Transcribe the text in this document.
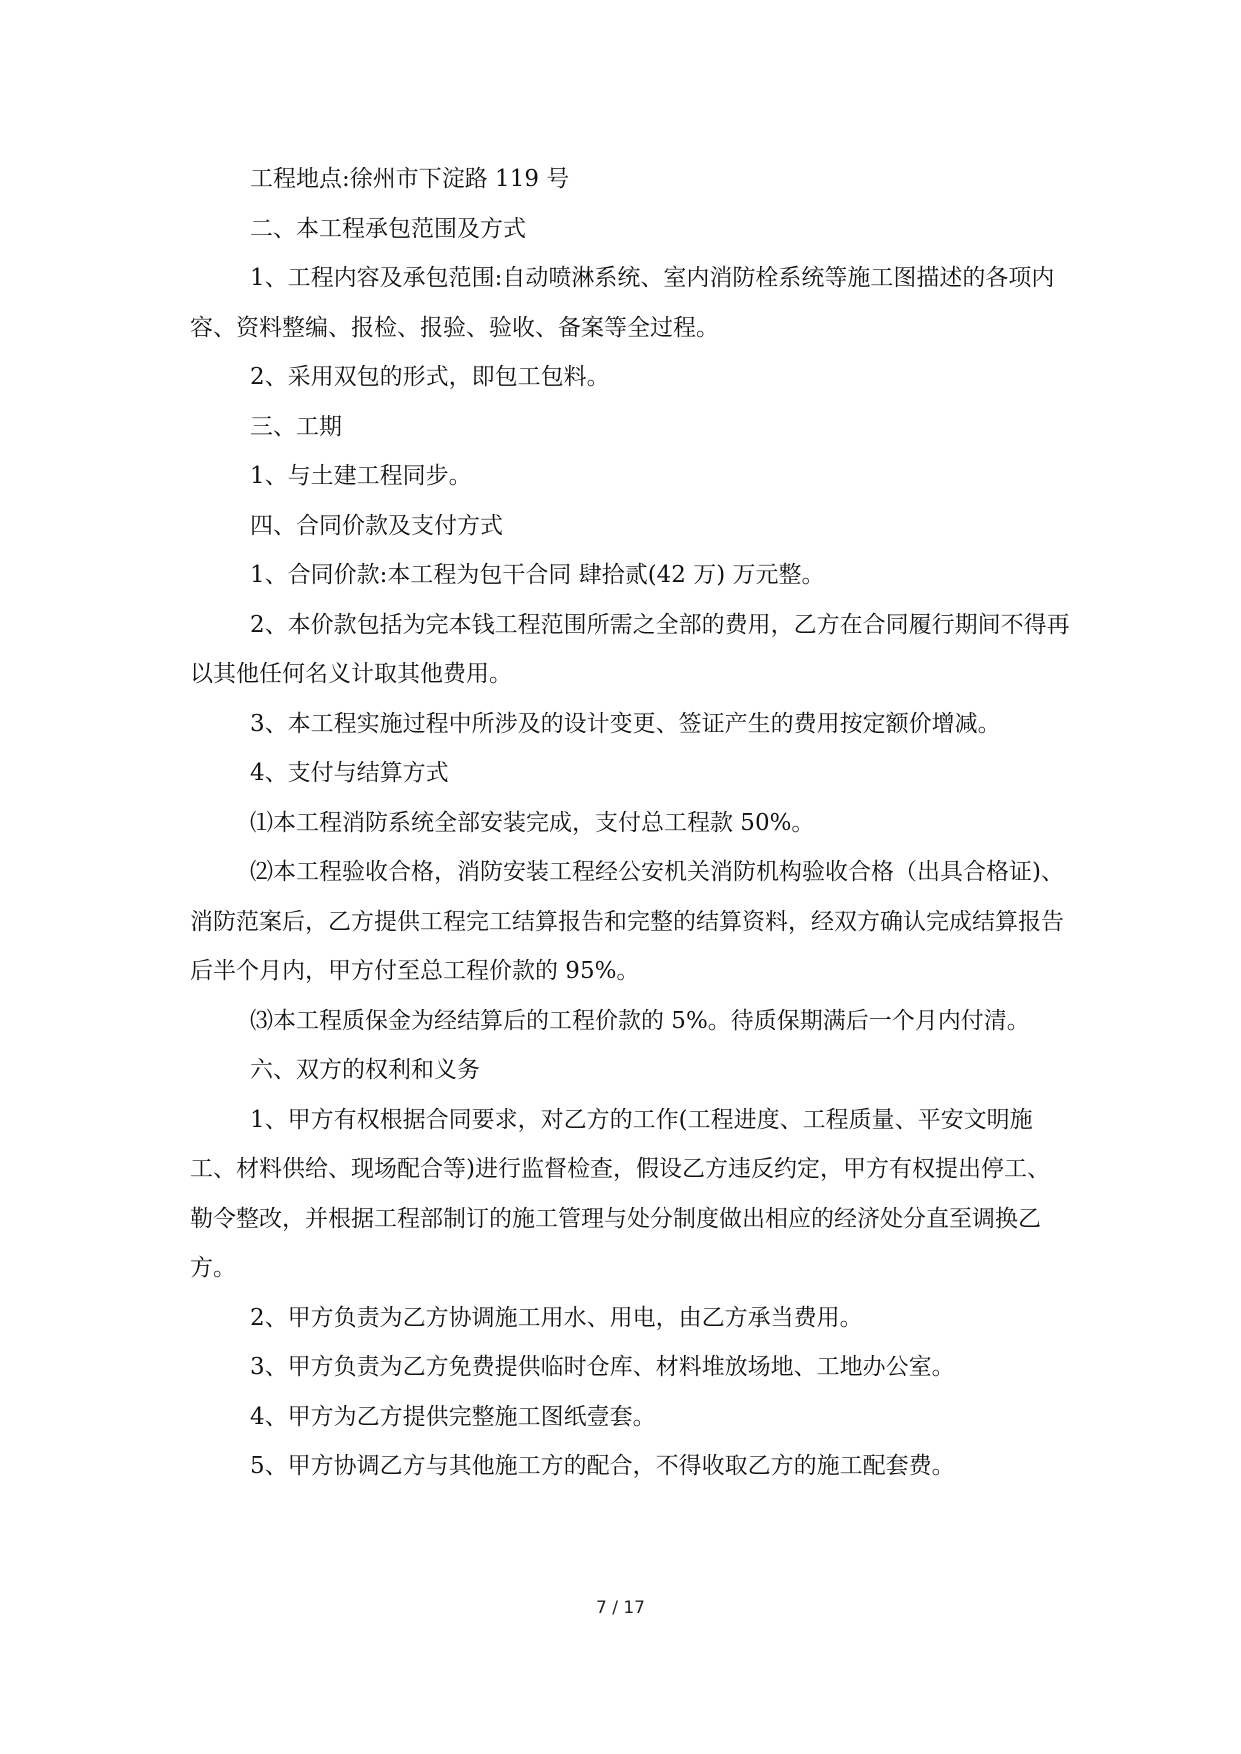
工程地点:徐州市下淀路 119 号

二、本工程承包范围及方式

1、工程内容及承包范围:自动喷淋系统、室内消防栓系统等施工图描述的各项内容、资料整编、报检、报验、验收、备案等全过程。

2、采用双包的形式，即包工包料。

三、工期

1、与土建工程同步。

四、合同价款及支付方式

1、合同价款:本工程为包干合同 肆拾贰(42 万) 万元整。

2、本价款包括为完本钱工程范围所需之全部的费用，乙方在合同履行期间不得再以其他任何名义计取其他费用。

3、本工程实施过程中所涉及的设计变更、签证产生的费用按定额价增减。

4、支付与结算方式

⑴本工程消防系统全部安装完成，支付总工程款 50%。

⑵本工程验收合格，消防安装工程经公安机关消防机构验收合格（出具合格证)、消防范案后，乙方提供工程完工结算报告和完整的结算资料，经双方确认完成结算报告后半个月内，甲方付至总工程价款的 95%。

⑶本工程质保金为经结算后的工程价款的 5%。待质保期满后一个月内付清。

六、双方的权利和义务

1、甲方有权根据合同要求，对乙方的工作(工程进度、工程质量、平安文明施工、材料供给、现场配合等)进行监督检查，假设乙方违反约定，甲方有权提出停工、勒令整改，并根据工程部制订的施工管理与处分制度做出相应的经济处分直至调换乙方。

2、甲方负责为乙方协调施工用水、用电，由乙方承当费用。

3、甲方负责为乙方免费提供临时仓库、材料堆放场地、工地办公室。

4、甲方为乙方提供完整施工图纸壹套。

5、甲方协调乙方与其他施工方的配合，不得收取乙方的施工配套费。

7 / 17
